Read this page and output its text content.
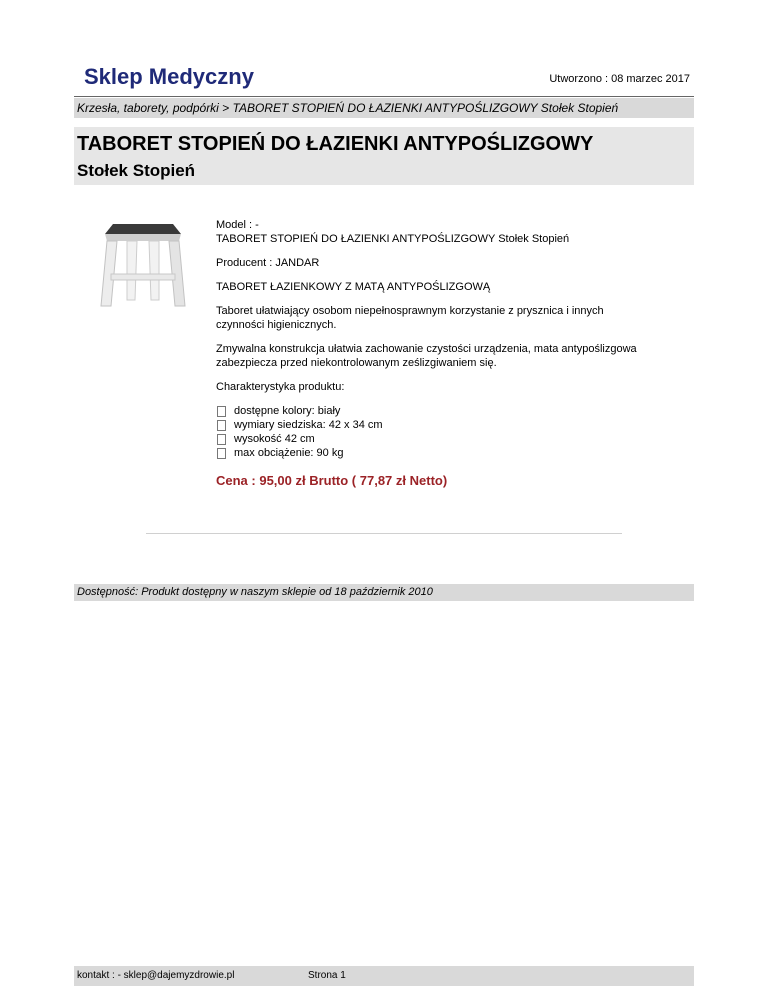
Sklep Medyczny	Utworzono : 08 marzec 2017
Krzesła, taborety, podpórki > TABORET STOPIEŃ DO ŁAZIENKI ANTYPOŚLIZGOWY Stołek Stopień
TABORET STOPIEŃ DO ŁAZIENKI ANTYPOŚLIZGOWY
Stołek Stopień
Model : -

TABORET STOPIEŃ DO ŁAZIENKI ANTYPOŚLIZGOWY Stołek Stopień

Producent : JANDAR

TABORET ŁAZIENKOWY Z MATĄ ANTYPOŚLIZGOWĄ

Taboret ułatwiający osobom niepełnosprawnym korzystanie z prysznica i innych czynności higienicznych.

Zmywalna konstrukcja ułatwia zachowanie czystości urządzenia, mata antypoślizgowa zabezpiecza przed niekontrolowanym ześlizgiwaniem się.

Charakterystyka produktu:

dostępne kolory: biały
wymiary siedziska: 42 x 34 cm
wysokość 42 cm
max obciążenie: 90 kg
Cena : 95,00 zł Brutto ( 77,87 zł Netto)
Dostępność: Produkt dostępny w naszym sklepie od 18 październik 2010
kontakt : - sklep@dajemyzdrowie.pl	Strona 1
